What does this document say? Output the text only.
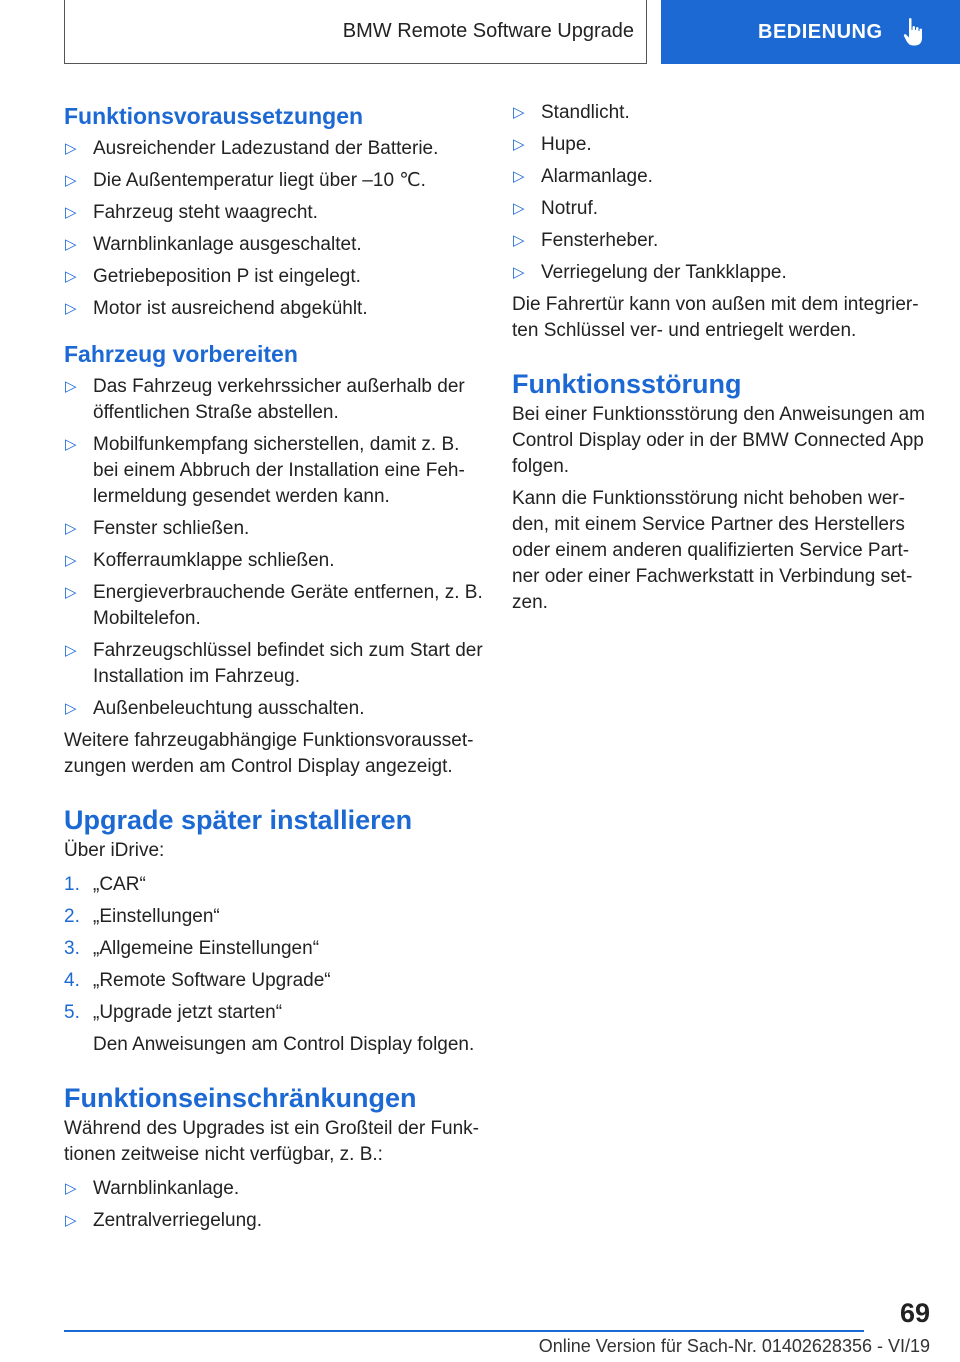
BMW Remote Software Upgrade	BEDIENUNG
Funktionsvoraussetzungen
▷ Ausreichender Ladezustand der Batterie.
▷ Die Außentemperatur liegt über –10 ℃.
▷ Fahrzeug steht waagrecht.
▷ Warnblinkanlage ausgeschaltet.
▷ Getriebeposition P ist eingelegt.
▷ Motor ist ausreichend abgekühlt.
Fahrzeug vorbereiten
▷ Das Fahrzeug verkehrssicher außerhalb der öffentlichen Straße abstellen.
▷ Mobilfunkempfang sicherstellen, damit z. B. bei einem Abbruch der Installation eine Feh‐lermeldung gesendet werden kann.
▷ Fenster schließen.
▷ Kofferraumklappe schließen.
▷ Energieverbrauchende Geräte entfernen, z. B. Mobiltelefon.
▷ Fahrzeugschlüssel befindet sich zum Start der Installation im Fahrzeug.
▷ Außenbeleuchtung ausschalten.

Weitere fahrzeugabhängige Funktionsvorausset‐zungen werden am Control Display angezeigt.

Upgrade später installieren

Über iDrive:

1. „CAR“
2. „Einstellungen“
3. „Allgemeine Einstellungen“
4. „Remote Software Upgrade“
5. „Upgrade jetzt starten“

Den Anweisungen am Control Display folgen.

Funktionseinschränkungen

Während des Upgrades ist ein Großteil der Funk‐tionen zeitweise nicht verfügbar, z. B.:

▷ Warnblinkanlage.
▷ Zentralverriegelung.
▷ Standlicht.
▷ Hupe.
▷ Alarmanlage.
▷ Notruf.
▷ Fensterheber.
▷ Verriegelung der Tankklappe.

Die Fahrertür kann von außen mit dem integrier‐ten Schlüssel ver- und entriegelt werden.

Funktionsstörung

Bei einer Funktionsstörung den Anweisungen am Control Display oder in der BMW Connected App folgen.

Kann die Funktionsstörung nicht behoben wer‐den, mit einem Service Partner des Herstellers oder einem anderen qualifizierten Service Part‐ner oder einer Fachwerkstatt in Verbindung set‐zen.

69
Online Version für Sach-Nr. 01402628356 - VI/19
